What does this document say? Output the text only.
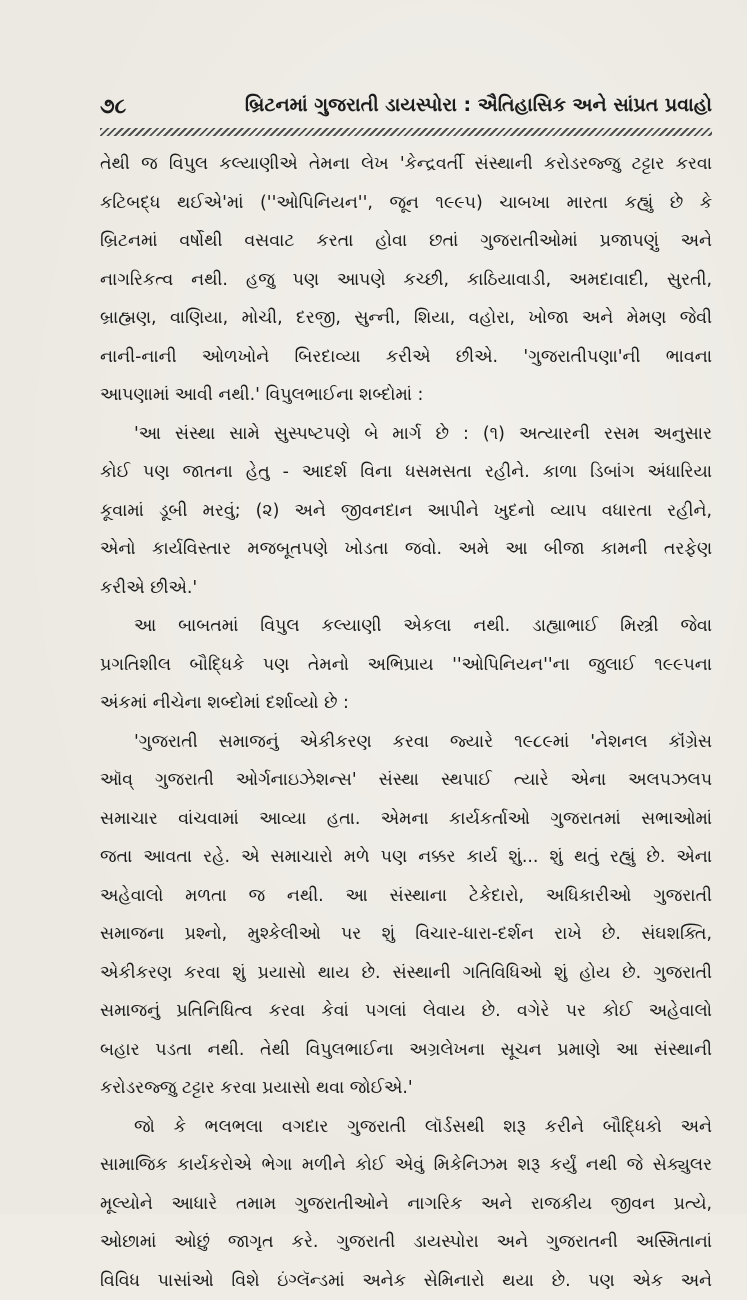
૭૮	બ્રિટનમાં ગુજરાતી ડાયસ્પોરા : ઐતિહાસિક અને સાંપ્રત પ્રવાહો
તેથી જ વિપુલ કલ્યાણીએ તેમના લેખ 'કેન્દ્રવર્તી સંસ્થાની કરોડરજ્જુ ટટ્ટાર કરવા
કટિબદ્ધ થઈએ'માં (''ઓપિનિયન'', જૂન ૧૯૯૫) ચાબખા મારતા કહ્યું છે કે
બ્રિટનમાં વર્ષોથી વસવાટ કરતા હોવા છતાં ગુજરાતીઓમાં પ્રજાપણું અને
નાગરિકત્વ નથી. હજુ પણ આપણે કચ્છી, કાઠિયાવાડી, અમદાવાદી, સુરતી,
બ્રાહ્મણ, વાણિયા, મોચી, દરજી, સુન્ની, શિયા, વહોરા, ખોજા અને મેમણ જેવી
નાની-નાની ઓળખોને બિરદાવ્યા કરીએ છીએ. 'ગુજરાતીપણા'ની ભાવના
આપણામાં આવી નથી.' વિપુલભાઈના શબ્દોમાં :
'આ સંસ્થા સામે સુસ્પષ્ટપણે બે માર્ગ છે : (૧) અત્યારની રસમ અનુસાર
કોઈ પણ જાતના હેતુ - આદર્શ વિના ધસમસતા રહીને. કાળા ડિબાંગ અંધારિયા
કૂવામાં ડૂબી મરવું; (૨) અને જીવનદાન આપીને ખુદનો વ્યાપ વધારતા રહીને,
એનો કાર્યવિસ્તાર મજબૂતપણે ખોડતા જવો. અમે આ બીજા કામની તરફેણ
કરીએ છીએ.'
આ બાબતમાં વિપુલ કલ્યાણી એકલા નથી. ડાહ્યાભાઈ મિસ્ત્રી જેવા
પ્રગતિશીલ બૌદ્ધિકે પણ તેમનો અભિપ્રાય ''ઓપિનિયન''ના જુલાઈ ૧૯૯૫ના
અંકમાં નીચેના શબ્દોમાં દર્શાવ્યો છે :
'ગુજરાતી સમાજનું એકીકરણ કરવા જ્યારે ૧૯૮૯માં 'નેશનલ કૉંગ્રેસ
ઑવ્ ગુજરાતી ઓર્ગનાઇઝેશન્સ' સંસ્થા સ્થપાઈ ત્યારે એના અલપઝલપ
સમાચાર વાંચવામાં આવ્યા હતા. એમના કાર્યકર્તાઓ ગુજરાતમાં સભાઓમાં
જતા આવતા રહે. એ સમાચારો મળે પણ નક્કર કાર્ય શું... શું થતું રહ્યું છે. એના
અહેવાલો મળતા જ નથી. આ સંસ્થાના ટેકેદારો, અધિકારીઓ ગુજરાતી
સમાજના પ્રશ્નો, મુશ્કેલીઓ પર શું વિચાર-ધારા-દર્શન રાખે છે. સંઘશક્તિ,
એકીકરણ કરવા શું પ્રયાસો થાય છે. સંસ્થાની ગતિવિધિઓ શું હોય છે. ગુજરાતી
સમાજનું પ્રતિનિધિત્વ કરવા કેવાં પગલાં લેવાય છે. વગેરે પર કોઈ અહેવાલો
બહાર પડતા નથી. તેથી વિપુલભાઈના અગ્રલેખના સૂચન પ્રમાણે આ સંસ્થાની
કરોડરજ્જુ ટટ્ટાર કરવા પ્રયાસો થવા જોઈએ.'
જો કે ભલભલા વગદાર ગુજરાતી લૉર્ડસથી શરૂ કરીને બૌદ્ધિકો અને
સામાજિક કાર્યકરોએ ભેગા મળીને કોઈ એવું મિકેનિઝમ શરૂ કર્યું નથી જે સેક્યુલર
મૂલ્યોને આધારે તમામ ગુજરાતીઓને નાગરિક અને રાજકીય જીવન પ્રત્યે,
ઓછામાં ઓછું જાગૃત કરે. ગુજરાતી ડાયસ્પોરા અને ગુજરાતની અસ્મિતાનાં
વિવિધ પાસાંઓ વિશે ઇંગ્લૅન્ડમાં અનેક સેમિનારો થયા છે. પણ એક અને
